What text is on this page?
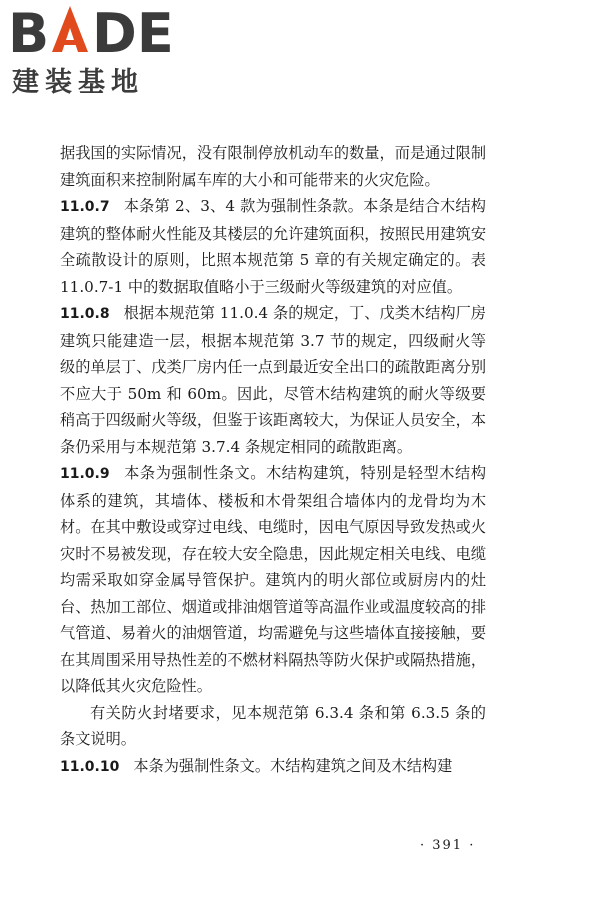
B DE
建装基地

据我国的实际情况，没有限制停放机动车的数量，而是通过限制建筑面积来控制附属车库的大小和可能带来的火灾危险。

11.0.7 本条第 2、3、4 款为强制性条款。本条是结合木结构建筑的整体耐火性能及其楼层的允许建筑面积，按照民用建筑安全疏散设计的原则，比照本规范第 5 章的有关规定确定的。表 11.0.7-1 中的数据取值略小于三级耐火等级建筑的对应值。

11.0.8 根据本规范第 11.0.4 条的规定，丁、戊类木结构厂房建筑只能建造一层，根据本规范第 3.7 节的规定，四级耐火等级的单层丁、戊类厂房内任一点到最近安全出口的疏散距离分别不应大于 50m 和 60m。因此，尽管木结构建筑的耐火等级要稍高于四级耐火等级，但鉴于该距离较大，为保证人员安全，本条仍采用与本规范第 3.7.4 条规定相同的疏散距离。

11.0.9 本条为强制性条文。木结构建筑，特别是轻型木结构体系的建筑，其墙体、楼板和木骨架组合墙体内的龙骨均为木材。在其中敷设或穿过电线、电缆时，因电气原因导致发热或火灾时不易被发现，存在较大安全隐患，因此规定相关电线、电缆均需采取如穿金属导管保护。建筑内的明火部位或厨房内的灶台、热加工部位、烟道或排油烟管道等高温作业或温度较高的排气管道、易着火的油烟管道，均需避免与这些墙体直接接触，要在其周围采用导热性差的不燃材料隔热等防火保护或隔热措施，以降低其火灾危险性。

有关防火封堵要求，见本规范第 6.3.4 条和第 6.3.5 条的条文说明。

11.0.10 本条为强制性条文。木结构建筑之间及木结构建

· 391 ·
